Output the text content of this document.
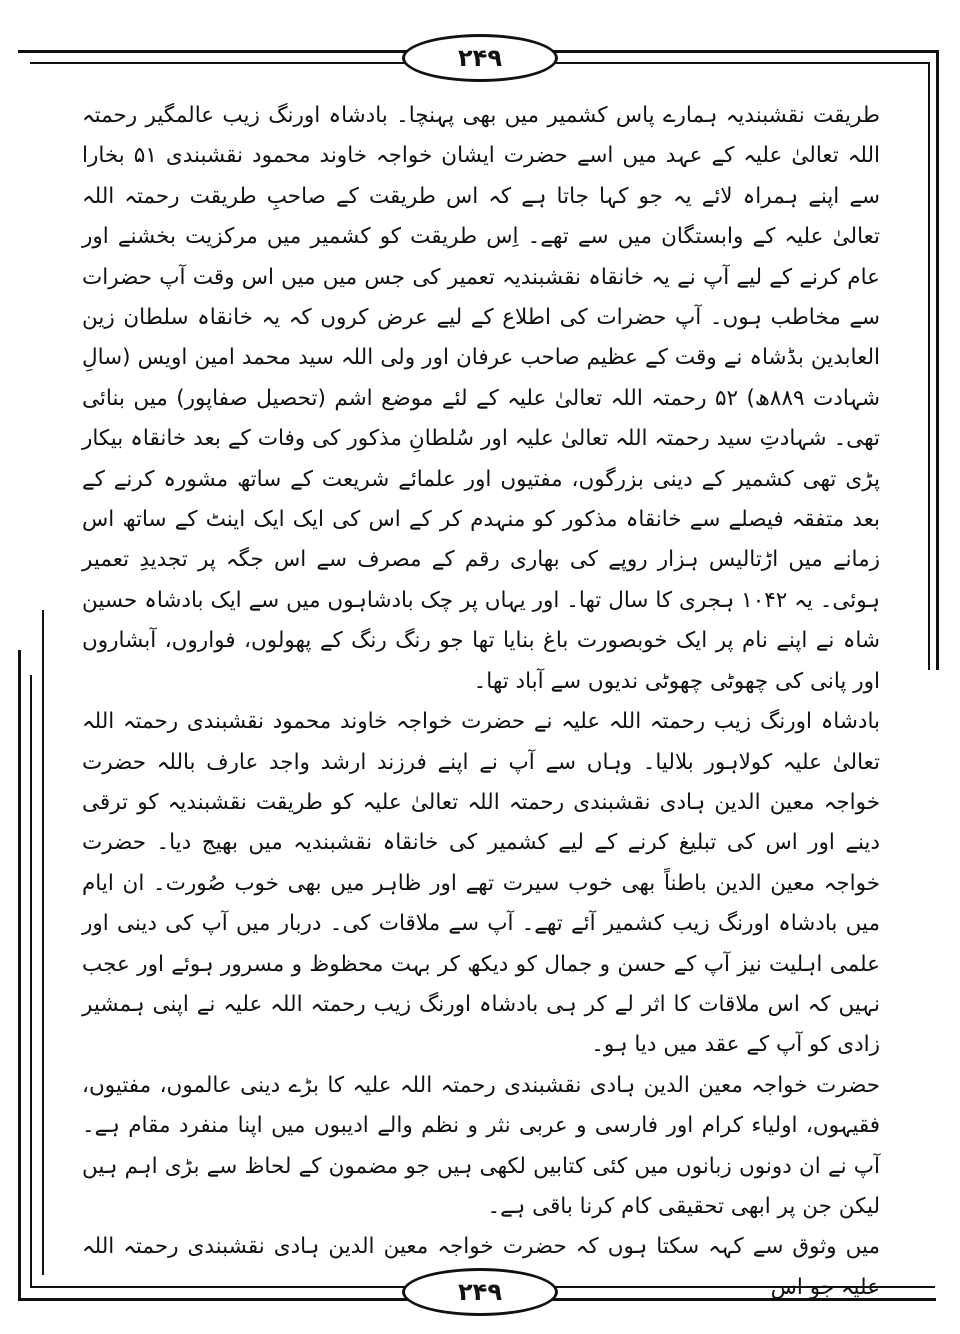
۲۴۹

طریقت نقشبندیہ ہمارے پاس کشمیر میں بھی پہنچا۔ بادشاہ اورنگ زیب عالمگیر رحمتہ اللہ تعالیٰ علیہ کے عہد میں اسے حضرت ایشان خواجہ خاوند محمود نقشبندی ۵۱ بخارا سے اپنے ہمراہ لائے یہ جو کہا جاتا ہے کہ اس طریقت کے صاحبِ طریقت رحمتہ اللہ تعالیٰ علیہ کے وابستگان میں سے تھے۔ اِس طریقت کو کشمیر میں مرکزیت بخشنے اور عام کرنے کے لیے آپ نے یہ خانقاہ نقشبندیہ تعمیر کی جس میں میں اس وقت آپ حضرات سے مخاطب ہوں۔ آپ حضرات کی اطلاع کے لیے عرض کروں کہ یہ خانقاہ سلطان زین العابدین بڈشاہ نے وقت کے عظیم صاحب عرفان اور ولی اللہ سید محمد امین اویس (سالِ شہادت ۸۸۹ھ) ۵۲ رحمتہ اللہ تعالیٰ علیہ کے لئے موضع اشم (تحصیل صفاپور) میں بنائی تھی۔ شہادتِ سید رحمتہ اللہ تعالیٰ علیہ اور سُلطانِ مذکور کی وفات کے بعد خانقاہ بیکار پڑی تھی کشمیر کے دینی بزرگوں، مفتیوں اور علمائے شریعت کے ساتھ مشورہ کرنے کے بعد متفقہ فیصلے سے خانقاہ مذکور کو منہدم کر کے اس کی ایک ایک اینٹ کے ساتھ اس زمانے میں اڑتالیس ہزار روپے کی بھاری رقم کے مصرف سے اس جگہ پر تجدیدِ تعمیر ہوئی۔ یہ ۱۰۴۲ ہجری کا سال تھا۔ اور یہاں پر چک بادشاہوں میں سے ایک بادشاہ حسین شاہ نے اپنے نام پر ایک خوبصورت باغ بنایا تھا جو رنگ رنگ کے پھولوں، فواروں، آبشاروں اور پانی کی چھوٹی چھوٹی ندیوں سے آباد تھا۔

بادشاہ اورنگ زیب رحمتہ اللہ علیہ نے حضرت خواجہ خاوند محمود نقشبندی رحمتہ اللہ تعالیٰ علیہ کولاہور بلالیا۔ وہاں سے آپ نے اپنے فرزند ارشد واجد عارف باللہ حضرت خواجہ معین الدین ہادی نقشبندی رحمتہ اللہ تعالیٰ علیہ کو طریقت نقشبندیہ کو ترقی دینے اور اس کی تبلیغ کرنے کے لیے کشمیر کی خانقاہ نقشبندیہ میں بھیج دیا۔ حضرت خواجہ معین الدین باطناً بھی خوب سیرت تھے اور ظاہر میں بھی خوب صُورت۔ ان ایام میں بادشاہ اورنگ زیب کشمیر آئے تھے۔ آپ سے ملاقات کی۔ دربار میں آپ کی دینی اور علمی اہلیت نیز آپ کے حسن و جمال کو دیکھ کر بہت محظوظ و مسرور ہوئے اور عجب نہیں کہ اس ملاقات کا اثر لے کر ہی بادشاہ اورنگ زیب رحمتہ اللہ علیہ نے اپنی ہمشیر زادی کو آپ کے عقد میں دیا ہو۔

حضرت خواجہ معین الدین ہادی نقشبندی رحمتہ اللہ علیہ کا بڑے دینی عالموں، مفتیوں، فقیہوں، اولیاء کرام اور فارسی و عربی نثر و نظم والے ادیبوں میں اپنا منفرد مقام ہے۔ آپ نے ان دونوں زبانوں میں کئی کتابیں لکھی ہیں جو مضمون کے لحاظ سے بڑی اہم ہیں لیکن جن پر ابھی تحقیقی کام کرنا باقی ہے۔

میں وثوق سے کہہ سکتا ہوں کہ حضرت خواجہ معین الدین ہادی نقشبندی رحمتہ اللہ علیہ جو اس

۲۴۹
